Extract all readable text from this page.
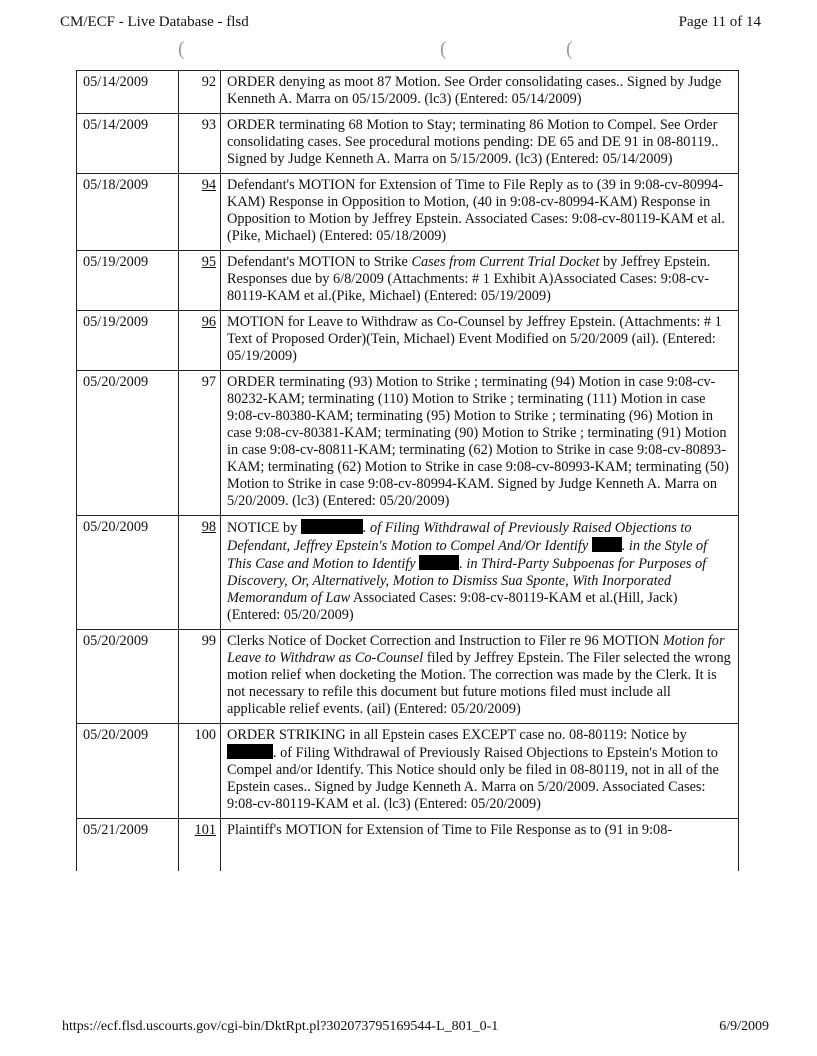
CM/ECF - Live Database - flsd	Page 11 of 14
(	(	(
05/14/2009	92	ORDER denying as moot 87 Motion. See Order consolidating cases.. Signed by Judge Kenneth A. Marra on 05/15/2009. (lc3) (Entered: 05/14/2009)
05/14/2009	93	ORDER terminating 68 Motion to Stay; terminating 86 Motion to Compel. See Order consolidating cases. See procedural motions pending: DE 65 and DE 91 in 08-80119.. Signed by Judge Kenneth A. Marra on 5/15/2009. (lc3) (Entered: 05/14/2009)
05/18/2009	94	Defendant's MOTION for Extension of Time to File Reply as to (39 in 9:08-cv-80994-KAM) Response in Opposition to Motion, (40 in 9:08-cv-80994-KAM) Response in Opposition to Motion by Jeffrey Epstein. Associated Cases: 9:08-cv-80119-KAM et al.(Pike, Michael) (Entered: 05/18/2009)
05/19/2009	95	Defendant's MOTION to Strike Cases from Current Trial Docket by Jeffrey Epstein. Responses due by 6/8/2009 (Attachments: # 1 Exhibit A)Associated Cases: 9:08-cv-80119-KAM et al.(Pike, Michael) (Entered: 05/19/2009)
05/19/2009	96	MOTION for Leave to Withdraw as Co-Counsel by Jeffrey Epstein. (Attachments: # 1 Text of Proposed Order)(Tein, Michael) Event Modified on 5/20/2009 (ail). (Entered: 05/19/2009)
05/20/2009	97	ORDER terminating (93) Motion to Strike ; terminating (94) Motion in case 9:08-cv-80232-KAM; terminating (110) Motion to Strike ; terminating (111) Motion in case 9:08-cv-80380-KAM; terminating (95) Motion to Strike ; terminating (96) Motion in case 9:08-cv-80381-KAM; terminating (90) Motion to Strike ; terminating (91) Motion in case 9:08-cv-80811-KAM; terminating (62) Motion to Strike in case 9:08-cv-80893-KAM; terminating (62) Motion to Strike in case 9:08-cv-80993-KAM; terminating (50) Motion to Strike in case 9:08-cv-80994-KAM. Signed by Judge Kenneth A. Marra on 5/20/2009. (lc3) (Entered: 05/20/2009)
05/20/2009	98	NOTICE by . of Filing Withdrawal of Previously Raised Objections to Defendant, Jeffrey Epstein's Motion to Compel And/Or Identify . in the Style of This Case and Motion to Identify . in Third-Party Subpoenas for Purposes of Discovery, Or, Alternatively, Motion to Dismiss Sua Sponte, With Inorporated Memorandum of Law Associated Cases: 9:08-cv-80119-KAM et al.(Hill, Jack) (Entered: 05/20/2009)
05/20/2009	99	Clerks Notice of Docket Correction and Instruction to Filer re 96 MOTION Motion for Leave to Withdraw as Co-Counsel filed by Jeffrey Epstein. The Filer selected the wrong motion relief when docketing the Motion. The correction was made by the Clerk. It is not necessary to refile this document but future motions filed must include all applicable relief events. (ail) (Entered: 05/20/2009)
05/20/2009	100	ORDER STRIKING in all Epstein cases EXCEPT case no. 08-80119: Notice by . of Filing Withdrawal of Previously Raised Objections to Epstein's Motion to Compel and/or Identify. This Notice should only be filed in 08-80119, not in all of the Epstein cases.. Signed by Judge Kenneth A. Marra on 5/20/2009. Associated Cases: 9:08-cv-80119-KAM et al. (lc3) (Entered: 05/20/2009)
05/21/2009	101	Plaintiff's MOTION for Extension of Time to File Response as to (91 in 9:08-
https://ecf.flsd.uscourts.gov/cgi-bin/DktRpt.pl?302073795169544-L_801_0-1	6/9/2009
